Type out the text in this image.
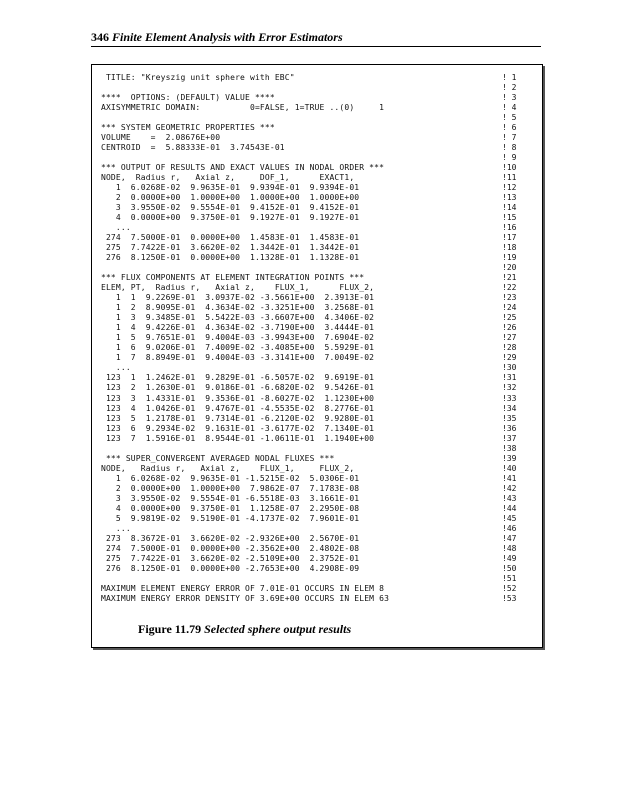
346 Finite Element Analysis with Error Estimators
TITLE: "Kreyszig unit sphere with EBC"
****  OPTIONS: (DEFAULT) VALUE ****
AXISYMMETRIC DOMAIN:          0=FALSE, 1=TRUE ..(0)     1
*** SYSTEM GEOMETRIC PROPERTIES ***
VOLUME    =  2.08676E+00
CENTROID  =  5.88333E-01  3.74543E-01
*** OUTPUT OF RESULTS AND EXACT VALUES IN NODAL ORDER ***
NODE,  Radius r,   Axial z,     DOF_1,      EXACT1,
1  6.0268E-02  9.9635E-01  9.9394E-01  9.9394E-01
2  0.0000E+00  1.0000E+00  1.0000E+00  1.0000E+00
3  3.9550E-02  9.5554E-01  9.4152E-01  9.4152E-01
4  0.0000E+00  9.3750E-01  9.1927E-01  9.1927E-01
...
274  7.5000E-01  0.0000E+00  1.4583E-01  1.4583E-01
275  7.7422E-01  3.6620E-02  1.3442E-01  1.3442E-01
276  8.1250E-01  0.0000E+00  1.1328E-01  1.1328E-01
*** FLUX COMPONENTS AT ELEMENT INTEGRATION POINTS ***
ELEM, PT,  Radius r,   Axial z,    FLUX_1,      FLUX_2,
1  1  9.2269E-01  3.0937E-02 -3.5661E+00  2.3913E-01
1  2  8.9095E-01  4.3634E-02 -3.3251E+00  3.2568E-01
1  3  9.3485E-01  5.5422E-03 -3.6607E+00  4.3406E-02
1  4  9.4226E-01  4.3634E-02 -3.7190E+00  3.4444E-01
1  5  9.7651E-01  9.4004E-03 -3.9943E+00  7.6904E-02
1  6  9.0206E-01  7.4009E-02 -3.4085E+00  5.5929E-01
1  7  8.8949E-01  9.4004E-03 -3.3141E+00  7.0049E-02
...
123  1  1.2462E-01  9.2829E-01 -6.5057E-02  9.6919E-01
123  2  1.2630E-01  9.0186E-01 -6.6820E-02  9.5426E-01
123  3  1.4331E-01  9.3536E-01 -8.6027E-02  1.1230E+00
123  4  1.0426E-01  9.4767E-01 -4.5535E-02  8.2776E-01
123  5  1.2178E-01  9.7314E-01 -6.2120E-02  9.9280E-01
123  6  9.2934E-02  9.1631E-01 -3.6177E-02  7.1340E-01
123  7  1.5916E-01  8.9544E-01 -1.0611E-01  1.1940E+00
*** SUPER_CONVERGENT AVERAGED NODAL FLUXES ***
NODE,   Radius r,   Axial z,    FLUX_1,     FLUX_2,
1  6.0268E-02  9.9635E-01 -1.5215E-02  5.0306E-01
2  0.0000E+00  1.0000E+00  7.9862E-07  7.1783E-08
3  3.9550E-02  9.5554E-01 -6.5518E-03  3.1661E-01
4  0.0000E+00  9.3750E-01  1.1258E-07  2.2950E-08
5  9.9819E-02  9.5190E-01 -4.1737E-02  7.9601E-01
...
273  8.3672E-01  3.6620E-02 -2.9326E+00  2.5670E-01
274  7.5000E-01  0.0000E+00 -2.3562E+00  2.4802E-08
275  7.7422E-01  3.6620E-02 -2.5109E+00  2.3752E-01
276  8.1250E-01  0.0000E+00 -2.7653E+00  4.2908E-09
MAXIMUM ELEMENT ENERGY ERROR OF 7.01E-01 OCCURS IN ELEM 8
MAXIMUM ENERGY ERROR DENSITY OF 3.69E+00 OCCURS IN ELEM 63
! 1
! 2
! 3
! 4
! 5
! 6
! 7
! 8
! 9
!10
!11
!12
!13
!14
!15
!16
!17
!18
!19
!20
!21
!22
!23
!24
!25
!26
!27
!28
!29
!30
!31
!32
!33
!34
!35
!36
!37
!38
!39
!40
!41
!42
!43
!44
!45
!46
!47
!48
!49
!50
!51
!52
!53
Figure 11.79 Selected sphere output results
